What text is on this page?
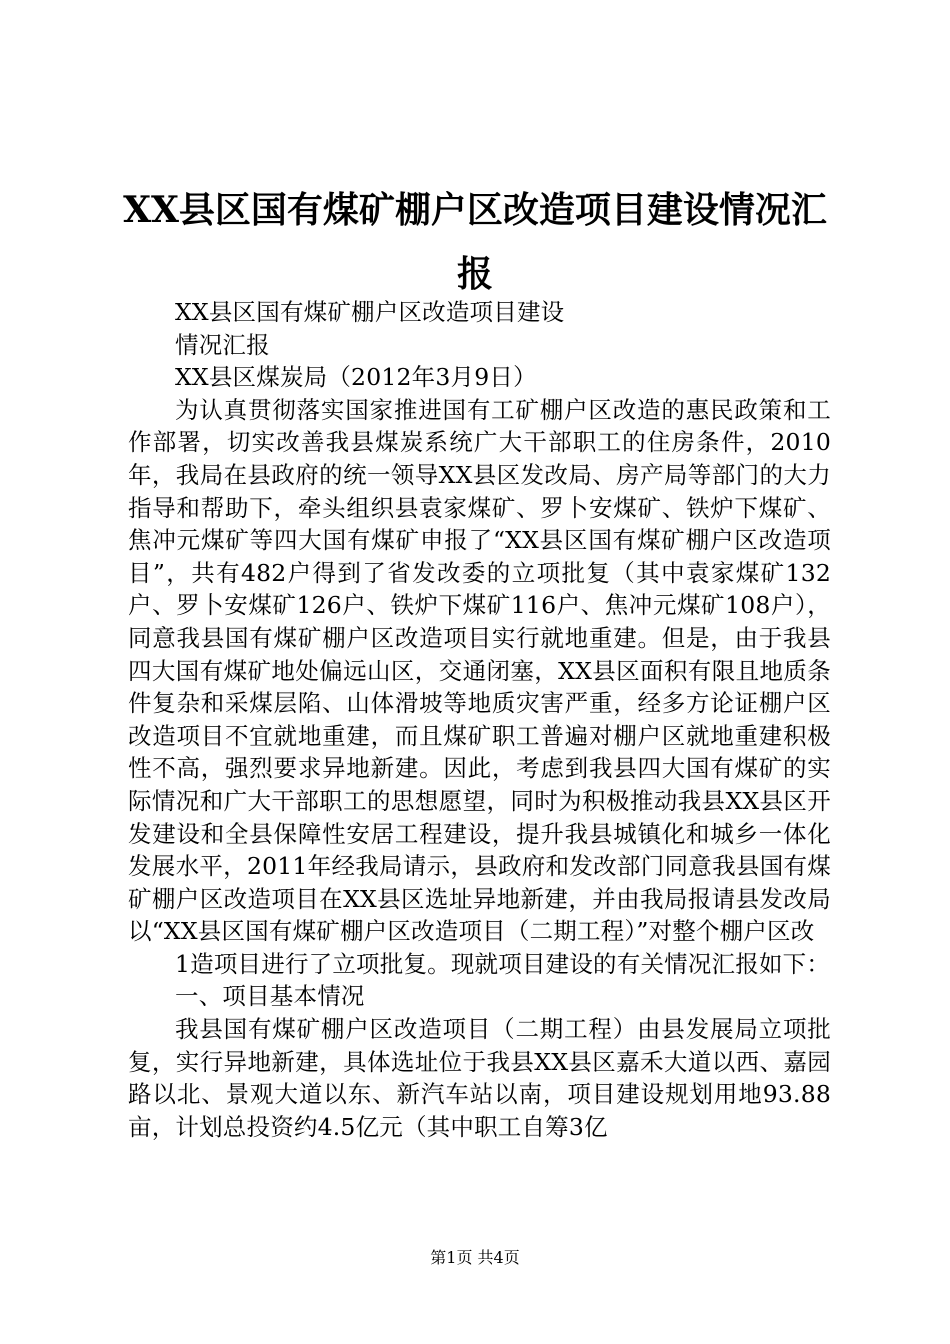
XX县区国有煤矿棚户区改造项目建设情况汇报

XX县区国有煤矿棚户区改造项目建设

情况汇报

XX县区煤炭局（2012年3月9日）

为认真贯彻落实国家推进国有工矿棚户区改造的惠民政策和工作部署，切实改善我县煤炭系统广大干部职工的住房条件，2010年，我局在县政府的统一领导XX县区发改局、房产局等部门的大力指导和帮助下，牵头组织县袁家煤矿、罗卜安煤矿、铁炉下煤矿、焦冲元煤矿等四大国有煤矿申报了“XX县区国有煤矿棚户区改造项目”，共有482户得到了省发改委的立项批复（其中袁家煤矿132户、罗卜安煤矿126户、铁炉下煤矿116户、焦冲元煤矿108户），同意我县国有煤矿棚户区改造项目实行就地重建。但是，由于我县四大国有煤矿地处偏远山区，交通闭塞，XX县区面积有限且地质条件复杂和采煤层陷、山体滑坡等地质灾害严重，经多方论证棚户区改造项目不宜就地重建，而且煤矿职工普遍对棚户区就地重建积极性不高，强烈要求异地新建。因此，考虑到我县四大国有煤矿的实际情况和广大干部职工的思想愿望，同时为积极推动我县XX县区开发建设和全县保障性安居工程建设，提升我县城镇化和城乡一体化发展水平，2011年经我局请示，县政府和发改部门同意我县国有煤矿棚户区改造项目在XX县区选址异地新建，并由我局报请县发改局以“XX县区国有煤矿棚户区改造项目（二期工程）”对整个棚户区改

1造项目进行了立项批复。现就项目建设的有关情况汇报如下：

一、项目基本情况

我县国有煤矿棚户区改造项目（二期工程）由县发展局立项批复，实行异地新建，具体选址位于我县XX县区嘉禾大道以西、嘉园路以北、景观大道以东、新汽车站以南，项目建设规划用地93.88亩，计划总投资约4.5亿元（其中职工自筹3亿

第1页 共4页
